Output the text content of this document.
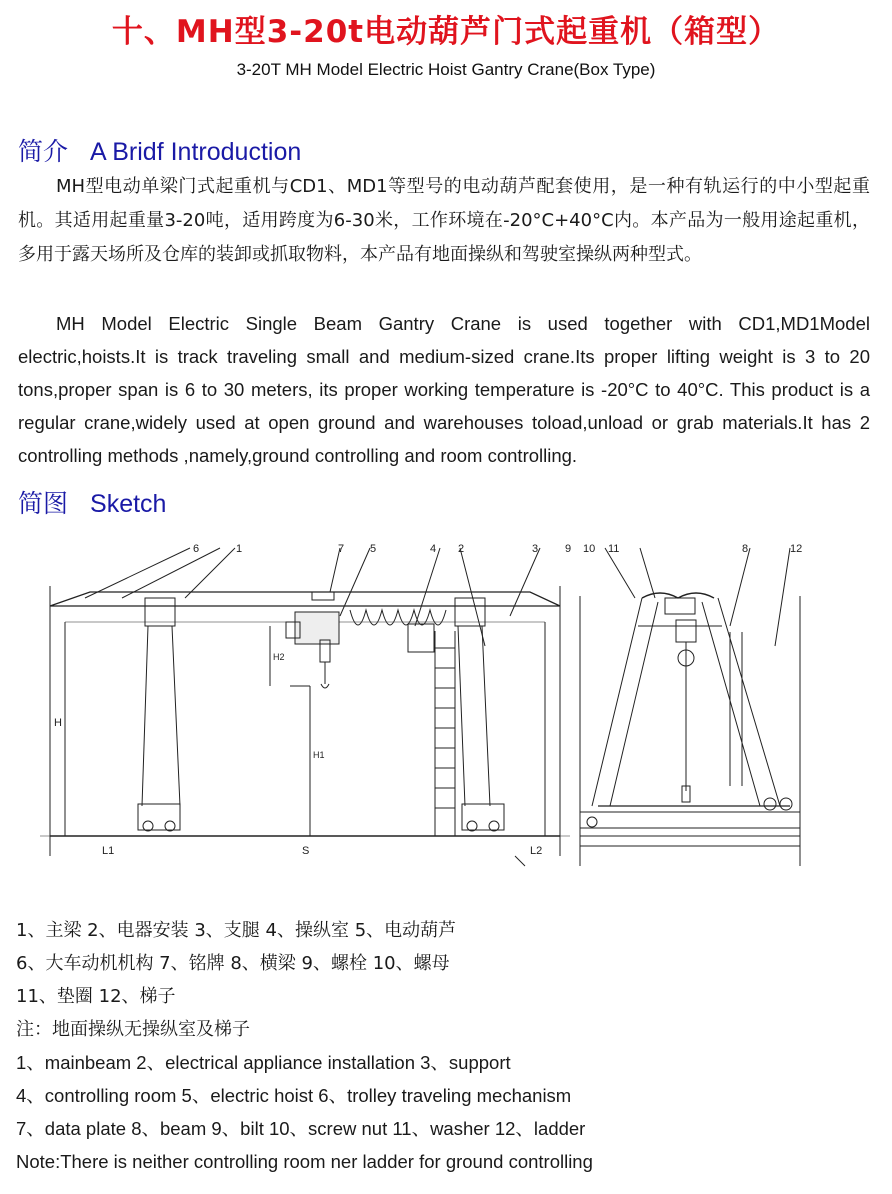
十、MH型3-20t电动葫芦门式起重机（箱型）
3-20T MH Model Electric Hoist Gantry Crane(Box Type)
简介 A Bridf Introduction
MH型电动单梁门式起重机与CD1、MD1等型号的电动葫芦配套使用，是一种有轨运行的中小型起重机。其适用起重量3-20吨，适用跨度为6-30米，工作环境在-20°C+40°C内。本产品为一般用途起重机，多用于露天场所及仓库的装卸或抓取物料，本产品有地面操纵和驾驶室操纵两种型式。
MH Model Electric Single Beam Gantry Crane is used together with CD1,MD1Model electric,hoists.It is track traveling small and medium-sized crane.Its proper lifting weight is 3 to 20 tons,proper span is 6 to 30 meters, its proper working temperature is -20°C to 40°C. This product is a regular crane,widely used at open ground and warehouses toload,unload or grab materials.It has 2 controlling methods ,namely,ground controlling and room controlling.
简图 Sketch
6	1	7 5	4 2	3
H
H2
H1
L1	S	L2
9 10 11	8	12
1、主梁 2、电器安装 3、支腿 4、操纵室 5、电动葫芦
6、大车动机机构 7、铭牌 8、横梁 9、螺栓 10、螺母
11、垫圈 12、梯子
注：地面操纵无操纵室及梯子
1、mainbeam 2、electrical appliance installation 3、support
4、controlling room 5、electric hoist 6、trolley traveling mechanism
7、data plate 8、beam 9、bilt 10、screw nut 11、washer 12、ladder
Note:There is neither controlling room ner ladder for ground controlling
